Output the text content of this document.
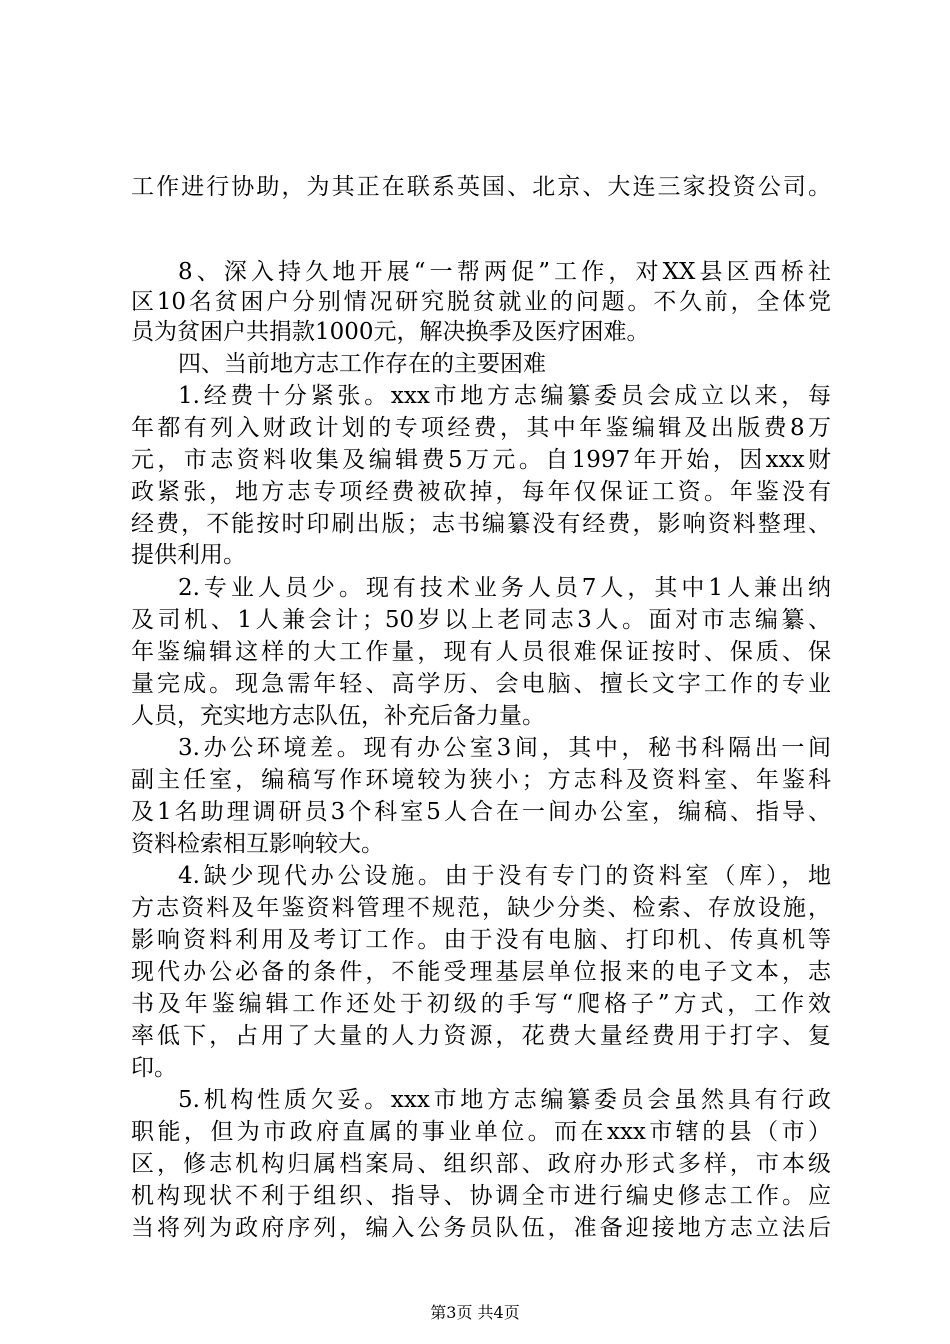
工作进行协助，为其正在联系英国、北京、大连三家投资公司。
8、深入持久地开展“一帮两促”工作，对XX县区西桥社
区10名贫困户分别情况研究脱贫就业的问题。不久前，全体党
员为贫困户共捐款1000元，解决换季及医疗困难。
四、当前地方志工作存在的主要困难
1.经费十分紧张。xxx市地方志编纂委员会成立以来，每
年都有列入财政计划的专项经费，其中年鉴编辑及出版费8万
元，市志资料收集及编辑费5万元。自1997年开始，因xxx财
政紧张，地方志专项经费被砍掉，每年仅保证工资。年鉴没有
经费，不能按时印刷出版；志书编纂没有经费，影响资料整理、
提供利用。
2.专业人员少。现有技术业务人员7人，其中1人兼出纳
及司机、1人兼会计；50岁以上老同志3人。面对市志编纂、
年鉴编辑这样的大工作量，现有人员很难保证按时、保质、保
量完成。现急需年轻、高学历、会电脑、擅长文字工作的专业
人员，充实地方志队伍，补充后备力量。
3.办公环境差。现有办公室3间，其中，秘书科隔出一间
副主任室，编稿写作环境较为狭小；方志科及资料室、年鉴科
及1名助理调研员3个科室5人合在一间办公室，编稿、指导、
资料检索相互影响较大。
4.缺少现代办公设施。由于没有专门的资料室（库），地
方志资料及年鉴资料管理不规范，缺少分类、检索、存放设施，
影响资料利用及考订工作。由于没有电脑、打印机、传真机等
现代办公必备的条件，不能受理基层单位报来的电子文本，志
书及年鉴编辑工作还处于初级的手写“爬格子”方式，工作效
率低下，占用了大量的人力资源，花费大量经费用于打字、复
印。
5.机构性质欠妥。xxx市地方志编纂委员会虽然具有行政
职能，但为市政府直属的事业单位。而在xxx市辖的县（市）
区，修志机构归属档案局、组织部、政府办形式多样，市本级
机构现状不利于组织、指导、协调全市进行编史修志工作。应
当将列为政府序列，编入公务员队伍，准备迎接地方志立法后
第3页 共4页
